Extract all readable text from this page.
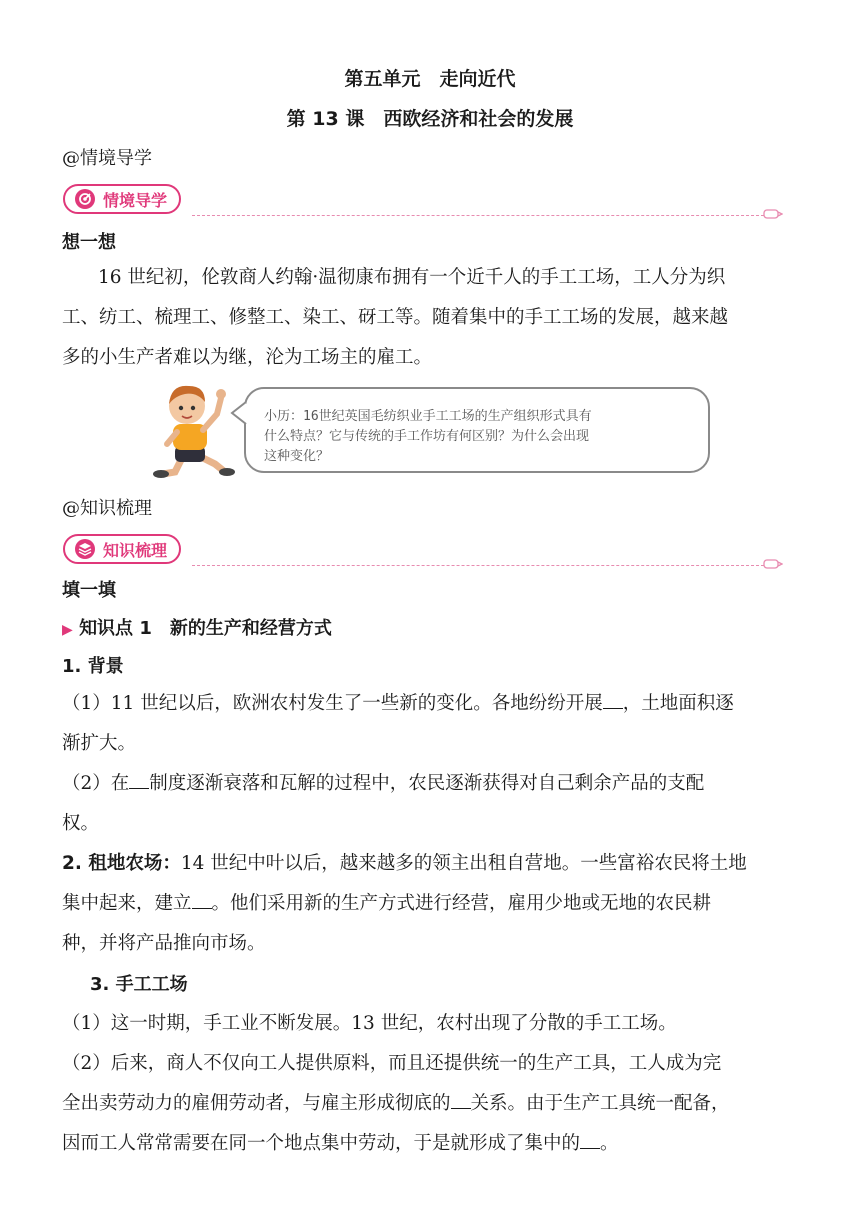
第五单元　走向近代
第 13 课　西欧经济和社会的发展
@情境导学
情境导学
想一想
16 世纪初，伦敦商人约翰·温彻康布拥有一个近千人的手工工场，工人分为织
工、纺工、梳理工、修整工、染工、砑工等。随着集中的手工工场的发展，越来越
多的小生产者难以为继，沦为工场主的雇工。
小历：16世纪英国毛纺织业手工工场的生产组织形式具有
什么特点？它与传统的手工作坊有何区别？为什么会出现
这种变化？
@知识梳理
知识梳理
填一填
▶ 知识点 1　新的生产和经营方式
1. 背景
（1）11 世纪以后，欧洲农村发生了一些新的变化。各地纷纷开展 ，土地面积逐
渐扩大。
（2）在 制度逐渐衰落和瓦解的过程中，农民逐渐获得对自己剩余产品的支配
权。
2. 租地农场：14 世纪中叶以后，越来越多的领主出租自营地。一些富裕农民将土地
集中起来，建立 。他们采用新的生产方式进行经营，雇用少地或无地的农民耕
种，并将产品推向市场。
3. 手工工场
（1）这一时期，手工业不断发展。13 世纪，农村出现了分散的手工工场。
（2）后来，商人不仅向工人提供原料，而且还提供统一的生产工具，工人成为完
全出卖劳动力的雇佣劳动者，与雇主形成彻底的 关系。由于生产工具统一配备，
因而工人常常需要在同一个地点集中劳动，于是就形成了集中的 。
